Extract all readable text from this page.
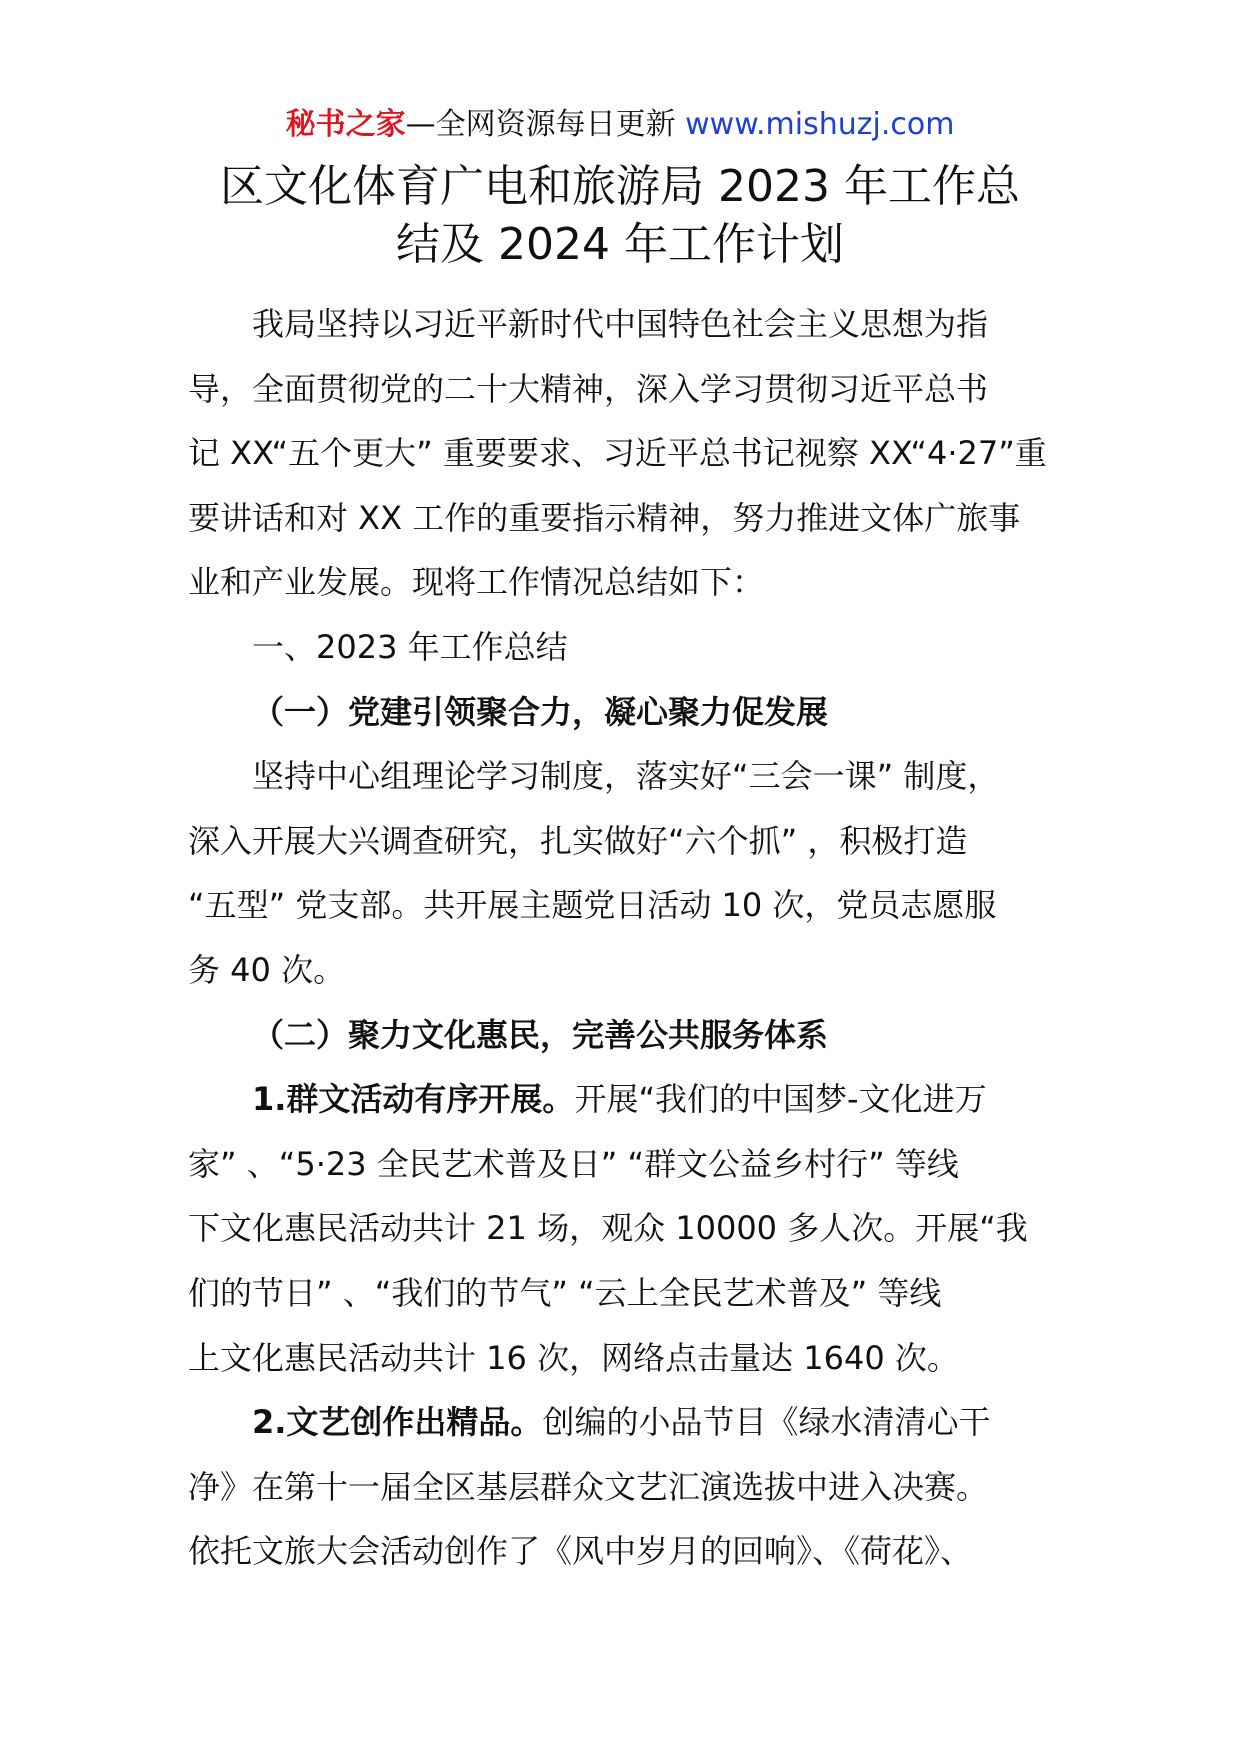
秘书之家—全网资源每日更新 www.mishuzj.com
区文化体育广电和旅游局 2023 年工作总
结及 2024 年工作计划

我局坚持以习近平新时代中国特色社会主义思想为指
导，全面贯彻党的二十大精神，深入学习贯彻习近平总书
记 XX“五个更大” 重要要求、习近平总书记视察 XX“4·27”重
要讲话和对 XX 工作的重要指示精神，努力推进文体广旅事
业和产业发展。现将工作情况总结如下：

一、2023 年工作总结

（一）党建引领聚合力，凝心聚力促发展

坚持中心组理论学习制度，落实好“三会一课” 制度，
深入开展大兴调查研究，扎实做好“六个抓” ，积极打造
“五型” 党支部。共开展主题党日活动 10 次，党员志愿服
务 40 次。

（二）聚力文化惠民，完善公共服务体系

1.群文活动有序开展。开展“我们的中国梦-文化进万
家” 、“5·23 全民艺术普及日” “群文公益乡村行” 等线
下文化惠民活动共计 21 场，观众 10000 多人次。开展“我
们的节日” 、“我们的节气” “云上全民艺术普及” 等线
上文化惠民活动共计 16 次，网络点击量达 1640 次。

2.文艺创作出精品。创编的小品节目《绿水清清心干
净》在第十一届全区基层群众文艺汇演选拔中进入决赛。
依托文旅大会活动创作了《风中岁月的回响》、《荷花》、
